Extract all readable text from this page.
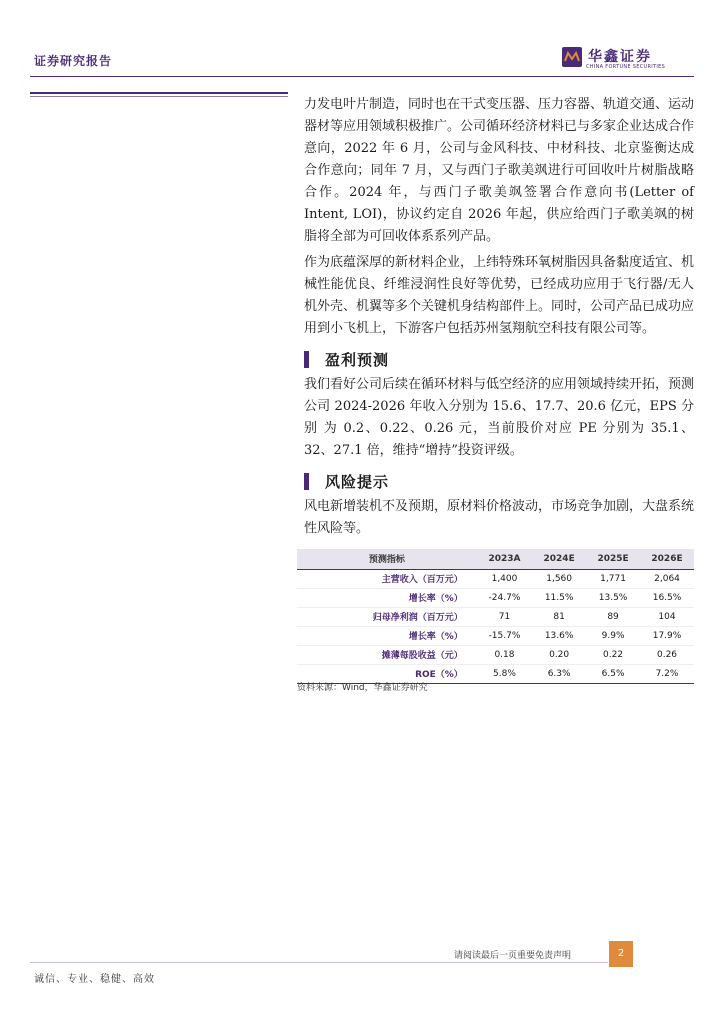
证券研究报告	华鑫证券
CHINA FORTUNE SECURITIES

力发电叶片制造，同时也在干式变压器、压力容器、轨道交通、运动器材等应用领域积极推广。公司循环经济材料已与多家企业达成合作意向，2022 年 6 月，公司与金风科技、中材科技、北京鉴衡达成合作意向；同年 7 月，又与西门子歌美飒进行可回收叶片树脂战略合作。2024 年，与西门子歌美飒签署合作意向书(Letter of Intent, LOI)，协议约定自 2026 年起，供应给西门子歌美飒的树脂将全部为可回收体系系列产品。

作为底蕴深厚的新材料企业，上纬特殊环氧树脂因具备黏度适宜、机械性能优良、纤维浸润性良好等优势，已经成功应用于飞行器/无人机外壳、机翼等多个关键机身结构部件上。同时，公司产品已成功应用到小飞机上，下游客户包括苏州氢翔航空科技有限公司等。

盈利预测

我们看好公司后续在循环材料与低空经济的应用领域持续开拓，预测公司 2024-2026 年收入分别为 15.6、17.7、20.6 亿元，EPS 分别 为 0.2、0.22、0.26 元，当前股价对应 PE 分别为 35.1、 32、27.1 倍，维持“增持”投资评级。

风险提示

风电新增装机不及预期，原材料价格波动，市场竞争加剧，大盘系统性风险等。

预测指标	2023A	2024E	2025E	2026E
主营收入（百万元）	1,400	1,560	1,771	2,064
增长率（%）	-24.7%	11.5%	13.5%	16.5%
归母净利润（百万元）	71	81	89	104
增长率（%）	-15.7%	13.6%	9.9%	17.9%
摊薄每股收益（元）	0.18	0.20	0.22	0.26
ROE（%）	5.8%	6.3%	6.5%	7.2%
资料来源：Wind，华鑫证券研究
请阅读最后一页重要免责声明	2
诚信、专业、稳健、高效
